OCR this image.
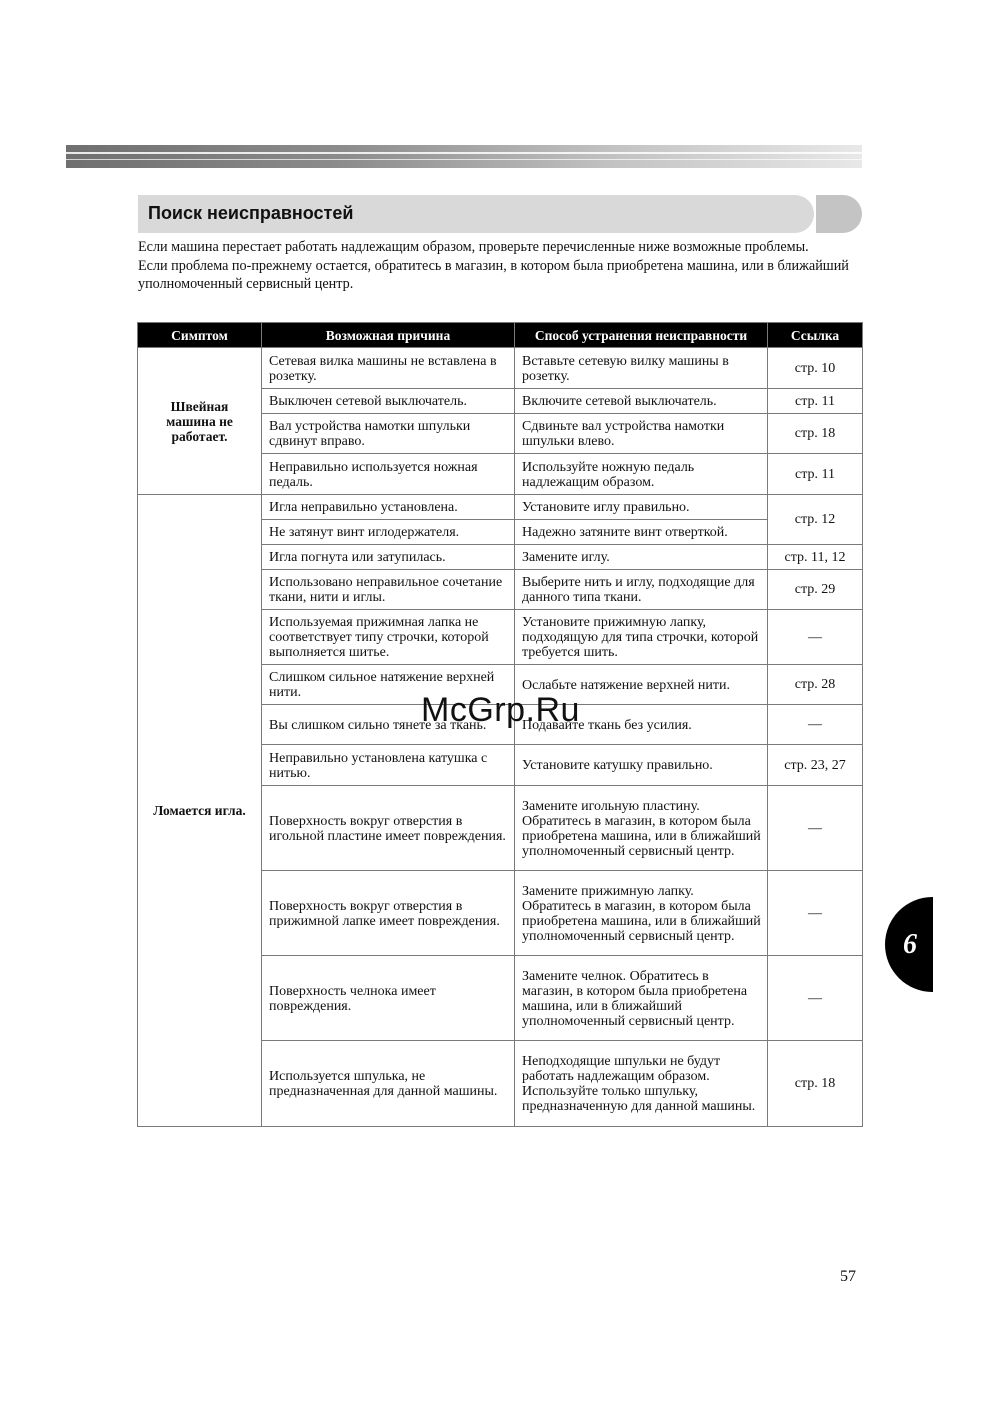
Поиск неисправностей

Если машина перестает работать надлежащим образом, проверьте перечисленные ниже возможные проблемы.

Если проблема по-прежнему остается, обратитесь в магазин, в котором была приобретена машина, или в ближайший уполномоченный сервисный центр.

Симптом	Возможная причина	Способ устранения неисправности	Ссылка
Швейная машина не работает.	Сетевая вилка машины не вставлена в розетку.	Вставьте сетевую вилку машины в розетку.	стр. 10
	Выключен сетевой выключатель.	Включите сетевой выключатель.	стр. 11
	Вал устройства намотки шпульки сдвинут вправо.	Сдвиньте вал устройства намотки шпульки влево.	стр. 18
	Неправильно используется ножная педаль.	Используйте ножную педаль надлежащим образом.	стр. 11
Ломается игла.	Игла неправильно установлена.	Установите иглу правильно.	стр. 12
	Не затянут винт иглодержателя.	Надежно затяните винт отверткой.	
	Игла погнута или затупилась.	Замените иглу.	стр. 11, 12
	Использовано неправильное сочетание ткани, нити и иглы.	Выберите нить и иглу, подходящие для данного типа ткани.	стр. 29
	Используемая прижимная лапка не соответствует типу строчки, которой выполняется шитье.	Установите прижимную лапку, подходящую для типа строчки, которой требуется шить.	—
	Слишком сильное натяжение верхней нити.	Ослабьте натяжение верхней нити.	стр. 28
	Вы слишком сильно тянете за ткань.	Подавайте ткань без усилия.	—
	Неправильно установлена катушка с нитью.	Установите катушку правильно.	стр. 23, 27
	Поверхность вокруг отверстия в игольной пластине имеет повреждения.	Замените игольную пластину. Обратитесь в магазин, в котором была приобретена машина, или в ближайший уполномоченный сервисный центр.	—
	Поверхность вокруг отверстия в прижимной лапке имеет повреждения.	Замените прижимную лапку. Обратитесь в магазин, в котором была приобретена машина, или в ближайший уполномоченный сервисный центр.	—
	Поверхность челнока имеет повреждения.	Замените челнок. Обратитесь в магазин, в котором была приобретена машина, или в ближайший уполномоченный сервисный центр.	—
	Используется шпулька, не предназначенная для данной машины.	Неподходящие шпульки не будут работать надлежащим образом. Используйте только шпульку, предназначенную для данной машины.	стр. 18
McGrp.Ru
6
57
